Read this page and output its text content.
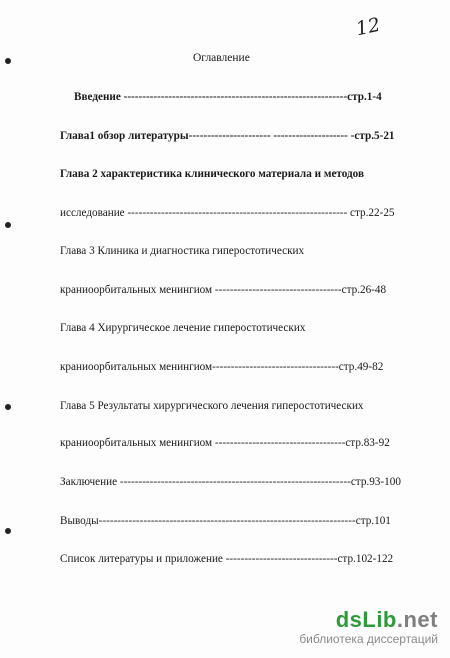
12
Оглавление
Введение ------------------------------------------------------------стр.1-4
Глава1 обзор литературы---------------------- -------------------- -стр.5-21
Глава 2 характеристикa клинического материала и методов
исследование ----------------------------------------------------------- стр.22-25
Глава 3 Клиника и диагностика гиперостотических
краниоорбитальных менингиом ----------------------------------стр.26-48
Глава 4 Хирургическое лечение гиперостотических
краниоорбитальных менингиом----------------------------------стр.49-82
Глава 5 Результаты хирургического лечения гиперостотических
краниоорбитальных менингиом -----------------------------------стр.83-92
Заключение --------------------------------------------------------------стр.93-100
Выводы---------------------------------------------------------------------стр.101
Список литературы и приложение ------------------------------стр.102-122
dsLib.net
библиотека диссертаций
